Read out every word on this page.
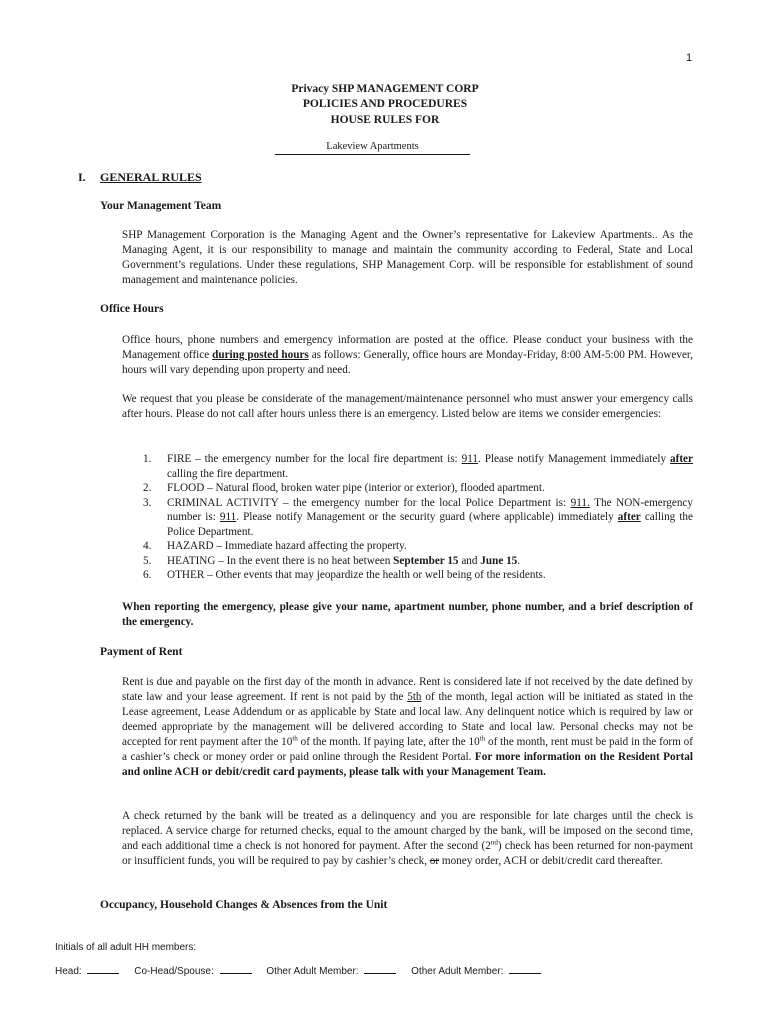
1
Privacy SHP MANAGEMENT CORP
POLICIES AND PROCEDURES
HOUSE RULES FOR
Lakeview Apartments
I. GENERAL RULES
Your Management Team
SHP Management Corporation is the Managing Agent and the Owner’s representative for Lakeview Apartments.. As the Managing Agent, it is our responsibility to manage and maintain the community according to Federal, State and Local Government’s regulations. Under these regulations, SHP Management Corp. will be responsible for establishment of sound management and maintenance policies.
Office Hours
Office hours, phone numbers and emergency information are posted at the office. Please conduct your business with the Management office during posted hours as follows: Generally, office hours are Monday-Friday, 8:00 AM-5:00 PM. However, hours will vary depending upon property and need.
We request that you please be considerate of the management/maintenance personnel who must answer your emergency calls after hours. Please do not call after hours unless there is an emergency. Listed below are items we consider emergencies:
1. FIRE – the emergency number for the local fire department is: 911. Please notify Management immediately after calling the fire department.
2. FLOOD – Natural flood, broken water pipe (interior or exterior), flooded apartment.
3. CRIMINAL ACTIVITY – the emergency number for the local Police Department is: 911. The NON-emergency number is: 911. Please notify Management or the security guard (where applicable) immediately after calling the Police Department.
4. HAZARD – Immediate hazard affecting the property.
5. HEATING – In the event there is no heat between September 15 and June 15.
6. OTHER – Other events that may jeopardize the health or well being of the residents.
When reporting the emergency, please give your name, apartment number, phone number, and a brief description of the emergency.
Payment of Rent
Rent is due and payable on the first day of the month in advance. Rent is considered late if not received by the date defined by state law and your lease agreement. If rent is not paid by the 5th of the month, legal action will be initiated as stated in the Lease agreement, Lease Addendum or as applicable by State and local law. Any delinquent notice which is required by law or deemed appropriate by the management will be delivered according to State and local law. Personal checks may not be accepted for rent payment after the 10th of the month. If paying late, after the 10th of the month, rent must be paid in the form of a cashier’s check or money order or paid online through the Resident Portal. For more information on the Resident Portal and online ACH or debit/credit card payments, please talk with your Management Team.
A check returned by the bank will be treated as a delinquency and you are responsible for late charges until the check is replaced. A service charge for returned checks, equal to the amount charged by the bank, will be imposed on the second time, and each additional time a check is not honored for payment. After the second (2nd) check has been returned for non-payment or insufficient funds, you will be required to pay by cashier’s check, or money order, ACH or debit/credit card thereafter.
Occupancy, Household Changes & Absences from the Unit
Initials of all adult HH members:
Head:	Co-Head/Spouse:	Other Adult Member:	Other Adult Member:
